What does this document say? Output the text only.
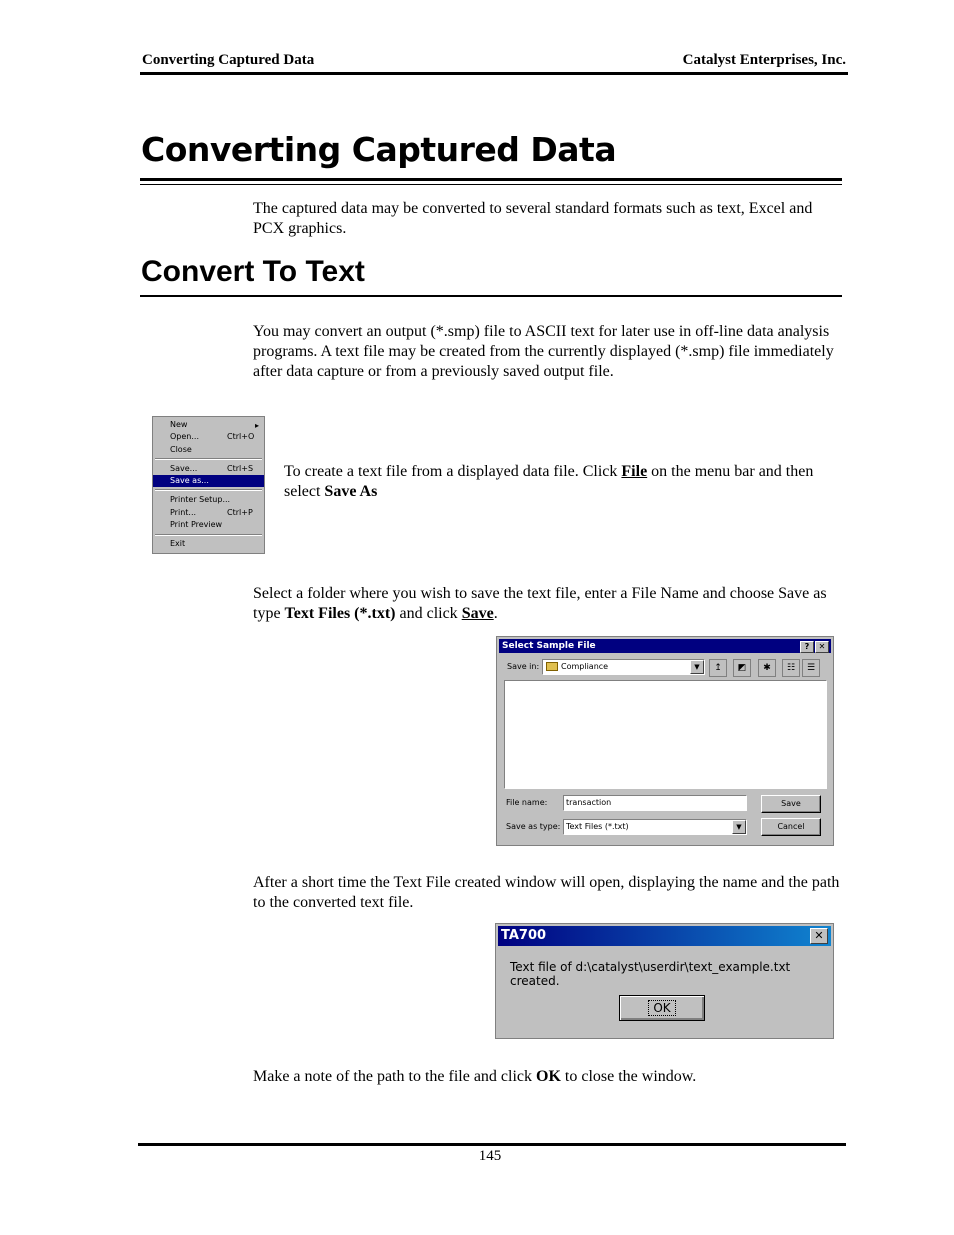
Converting Captured Data	Catalyst Enterprises, Inc.
Converting Captured Data
The captured data may be converted to several standard formats such as text, Excel and PCX graphics.
Convert To Text
You may convert an output (*.smp) file to ASCII text for later use in off-line data analysis programs. A text file may be created from the currently displayed (*.smp) file immediately after data capture or from a previously saved output file.
New	▸
Open...	Ctrl+O
Close
Save...	Ctrl+S
Save as...
Printer Setup...
Print...	Ctrl+P
Print Preview
Exit
To create a text file from a displayed data file. Click File on the menu bar and then select Save As
Select a folder where you wish to save the text file, enter a File Name and choose Save as type Text Files (*.txt) and click Save.
Select Sample File	?	✕
Save in:	Compliance	▼	↥	◩	✱	☷	☰
File name:	transaction
Save as type: Text Files (*.txt)	▼
Save
Cancel
After a short time the Text File created window will open, displaying the name and the path to the converted text file.
TA700	✕
Text file of d:\catalyst\userdir\text_example.txt created.
OK
Make a note of the path to the file and click OK to close the window.
145
